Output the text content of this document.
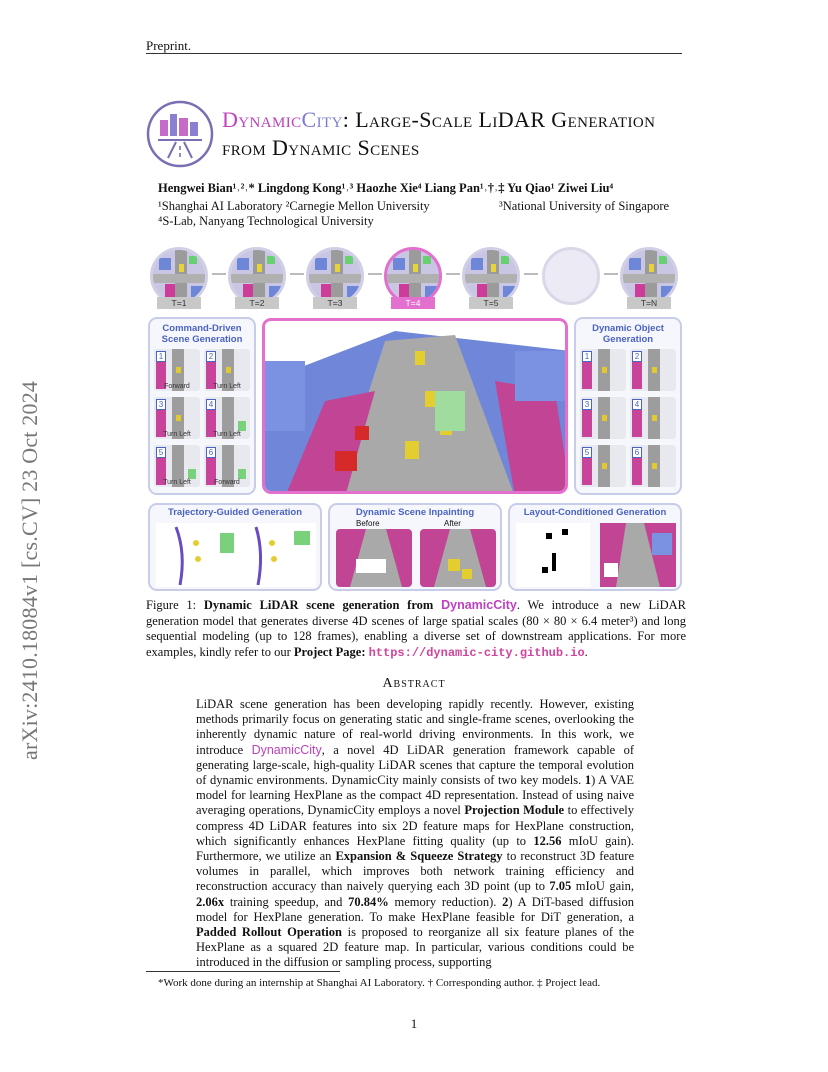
Preprint.
arXiv:2410.18084v1 [cs.CV] 23 Oct 2024
DynamicCity: Large-Scale LiDAR Generation from Dynamic Scenes
Hengwei Bian¹˒²˒* Lingdong Kong¹˒³ Haozhe Xie⁴ Liang Pan¹˒†˒‡ Yu Qiao¹ Ziwei Liu⁴
¹Shanghai AI Laboratory ²Carnegie Mellon University	³National University of Singapore
⁴S-Lab, Nanyang Technological University
T=1	T=2	T=3	T=4	T=5	T=N
Command-Driven Scene Generation
1
Forward
2
Turn Left
3
Turn Left
4
Turn Left
5
Turn Left
6
Forward
Dynamic Object Generation
1	2
3	4
5	6
Trajectory-Guided Generation	Dynamic Scene Inpainting
Before	After
Layout-Conditioned Generation
Figure 1: Dynamic LiDAR scene generation from DynamicCity. We introduce a new LiDAR generation model that generates diverse 4D scenes of large spatial scales (80 × 80 × 6.4 meter³) and long sequential modeling (up to 128 frames), enabling a diverse set of downstream applications. For more examples, kindly refer to our Project Page: https://dynamic-city.github.io.
Abstract
LiDAR scene generation has been developing rapidly recently. However, existing methods primarily focus on generating static and single-frame scenes, overlooking the inherently dynamic nature of real-world driving environments. In this work, we introduce DynamicCity, a novel 4D LiDAR generation framework capable of generating large-scale, high-quality LiDAR scenes that capture the temporal evolution of dynamic environments. DynamicCity mainly consists of two key models. 1) A VAE model for learning HexPlane as the compact 4D representation. Instead of using naive averaging operations, DynamicCity employs a novel Projection Module to effectively compress 4D LiDAR features into six 2D feature maps for HexPlane construction, which significantly enhances HexPlane fitting quality (up to 12.56 mIoU gain). Furthermore, we utilize an Expansion & Squeeze Strategy to reconstruct 3D feature volumes in parallel, which improves both network training efficiency and reconstruction accuracy than naively querying each 3D point (up to 7.05 mIoU gain, 2.06x training speedup, and 70.84% memory reduction). 2) A DiT-based diffusion model for HexPlane generation. To make HexPlane feasible for DiT generation, a Padded Rollout Operation is proposed to reorganize all six feature planes of the HexPlane as a squared 2D feature map. In particular, various conditions could be introduced in the diffusion or sampling process, supporting
*Work done during an internship at Shanghai AI Laboratory. † Corresponding author. ‡ Project lead.
1
